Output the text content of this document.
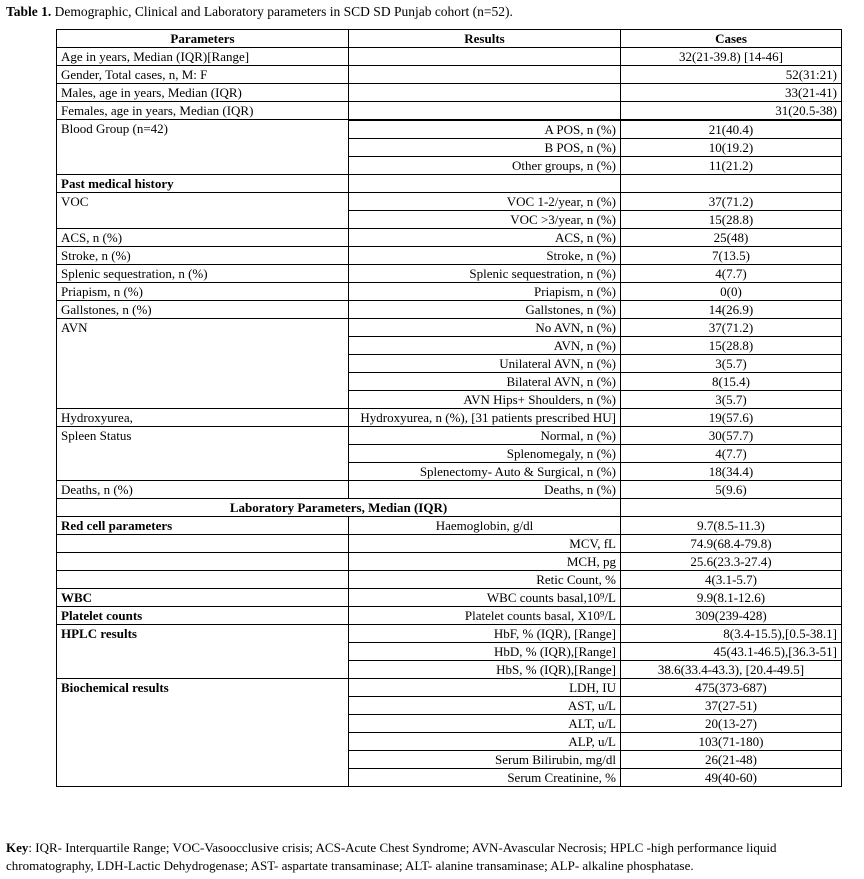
Table 1. Demographic, Clinical and Laboratory parameters in SCD SD Punjab cohort (n=52).
Parameters	Results	Cases
Age in years, Median (IQR)[Range]		32(21-39.8) [14-46]
Gender, Total cases, n, M: F		52(31:21)
Males, age in years, Median (IQR)		33(21-41)
Females, age in years, Median (IQR)		31(20.5-38)
Blood Group (n=42)		
	A POS, n (%)	21(40.4)
	B POS, n (%)	10(19.2)
	Other groups, n (%)	11(21.2)
Past medical history		
VOC	VOC 1-2/year, n (%)	37(71.2)
	VOC >3/year, n (%)	15(28.8)
ACS, n (%)	ACS, n (%)	25(48)
Stroke, n (%)	Stroke, n (%)	7(13.5)
Splenic sequestration, n (%)	Splenic sequestration, n (%)	4(7.7)
Priapism, n (%)	Priapism, n (%)	0(0)
Gallstones, n (%)	Gallstones, n (%)	14(26.9)
AVN	No AVN, n (%)	37(71.2)
	AVN, n (%)	15(28.8)
	Unilateral AVN, n (%)	3(5.7)
	Bilateral AVN, n (%)	8(15.4)
	AVN Hips+ Shoulders, n (%)	3(5.7)
Hydroxyurea,	Hydroxyurea, n (%), [31 patients prescribed HU]	19(57.6)
Spleen Status	Normal, n (%)	30(57.7)
	Splenomegaly, n (%)	4(7.7)
	Splenectomy- Auto & Surgical, n (%)	18(34.4)
Deaths, n (%)	Deaths, n (%)	5(9.6)
Laboratory Parameters, Median (IQR)		
Red cell parameters	Haemoglobin, g/dl	9.7(8.5-11.3)
	MCV, fL	74.9(68.4-79.8)
	MCH, pg	25.6(23.3-27.4)
	Retic Count, %	4(3.1-5.7)
WBC	WBC counts basal,10⁹/L	9.9(8.1-12.6)
Platelet counts	Platelet counts basal, X10⁹/L	309(239-428)
HPLC results	HbF, % (IQR), [Range]	8(3.4-15.5),[0.5-38.1]
	HbD, % (IQR),[Range]	45(43.1-46.5),[36.3-51]
	HbS, % (IQR),[Range]	38.6(33.4-43.3), [20.4-49.5]
Biochemical results	LDH, IU	475(373-687)
	AST, u/L	37(27-51)
	ALT, u/L	20(13-27)
	ALP, u/L	103(71-180)
	Serum Bilirubin, mg/dl	26(21-48)
	Serum Creatinine, %	49(40-60)
Key: IQR- Interquartile Range; VOC-Vasoocclusive crisis; ACS-Acute Chest Syndrome; AVN-Avascular Necrosis; HPLC -high performance liquid chromatography, LDH-Lactic Dehydrogenase; AST- aspartate transaminase; ALT- alanine transaminase; ALP- alkaline phosphatase.
